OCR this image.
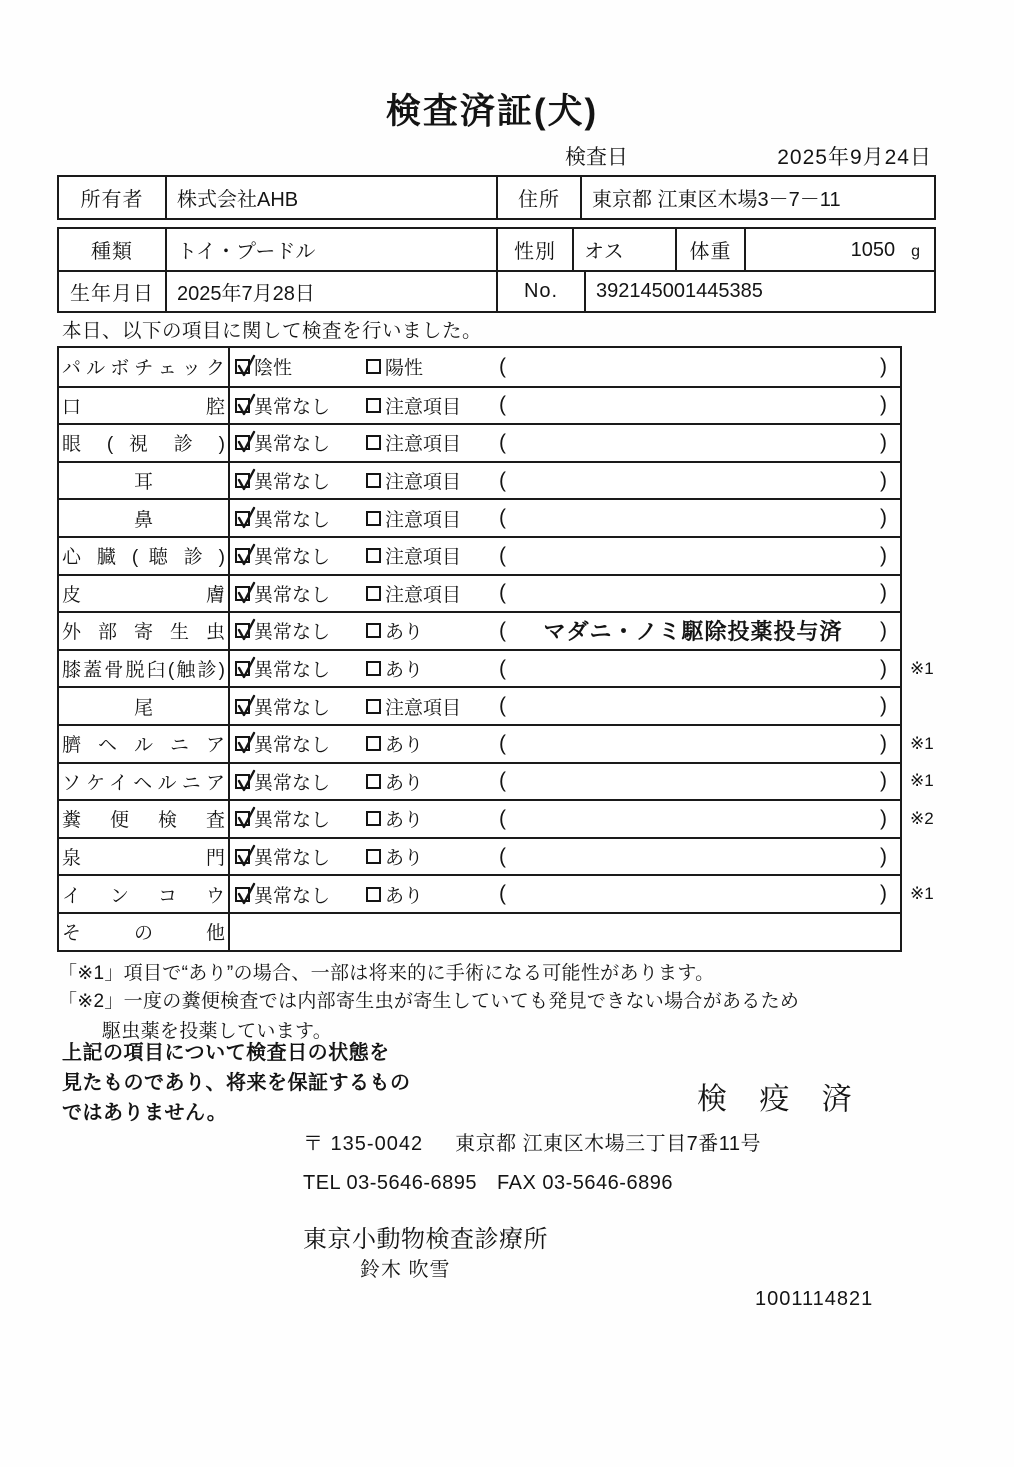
検査済証(犬)
検査日	2025年9月24日
所有者	株式会社AHB	住所	東京都 江東区木場3－7－11
種類	トイ・プードル	性別	オス	体重	1050 g
生年月日	2025年7月28日	No.	392145001445385
本日、以下の項目に関して検査を行いました。
パルボチェック 陰性	陽性	(	)
口腔 異常なし	注意項目 (	)
眼 ( 視 診 ) 異常なし	注意項目 (	)
耳	異常なし	注意項目 (	)
鼻	異常なし	注意項目 (	)
心 臓 ( 聴 診 ) 異常なし	注意項目 (	)
皮膚 異常なし	注意項目 (	)
外部寄生虫 異常なし	あり	(	マダニ・ノミ駆除投薬投与済	)
膝蓋骨脱臼(触診) 異常なし	あり	(	) ※1
尾	異常なし	注意項目 (	)
臍ヘルニア 異常なし	あり	(	) ※1
ソケイヘルニア 異常なし	あり	(	) ※1
糞便検査 異常なし	あり	(	) ※2
泉門 異常なし	あり	(	)
インコウ 異常なし	あり	(	) ※1
その他
「※1」項目で“あり”の場合、一部は将来的に手術になる可能性があります。
「※2」一度の糞便検査では内部寄生虫が寄生していても発見できない場合があるため
駆虫薬を投薬しています。
上記の項目について検査日の状態を
見たものであり、将来を保証するもの
ではありません。	検 疫 済
〒 135-0042 東京都 江東区木場三丁目7番11号
TEL 03-5646-6895 FAX 03-5646-6896
東京小動物検査診療所
鈴木 吹雪
1001114821
